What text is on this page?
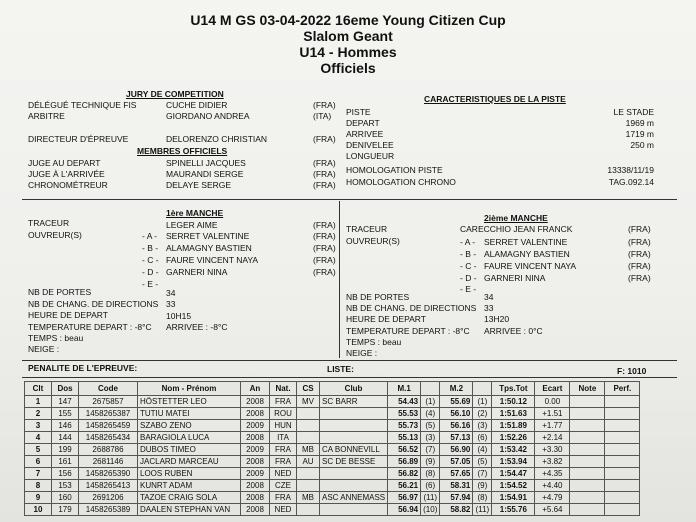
U14 M GS 03-04-2022 16eme Young Citizen Cup
Slalom Geant
U14 - Hommes
Officiels
JURY DE COMPETITION
DÉLÉGUÉ TECHNIQUE FIS	CUCHE DIDIER	(FRA)
ARBITRE	GIORDANO ANDREA	(ITA)
DIRECTEUR D'ÉPREUVE	DELORENZO CHRISTIAN	(FRA)
MEMBRES OFFICIELS
JUGE AU DEPART	SPINELLI JACQUES	(FRA)
JUGE À L'ARRIVÉE	MAURANDI SERGE	(FRA)
CHRONOMÉTREUR	DELAYE SERGE	(FRA)
CARACTERISTIQUES DE LA PISTE
PISTE	LE STADE
DEPART	1969 m
ARRIVEE	1719 m
DENIVELEE	250 m
LONGUEUR
HOMOLOGATION PISTE	13338/11/19
HOMOLOGATION CHRONO	TAG.092.14
1ère MANCHE
TRACEUR	LEGER AIME	(FRA)
OUVREUR(S)	- A - SERRET VALENTINE	(FRA)
- B - ALAMAGNY BASTIEN	(FRA)
- C - FAURE VINCENT NAYA	(FRA)
- D - GARNERI NINA	(FRA)
- E -
NB DE PORTES	34
NB DE CHANG. DE DIRECTIONS 33
HEURE DE DEPART	10H15
TEMPERATURE DEPART : -8°C ARRIVEE : -8°C
TEMPS : beau
NEIGE :
2ième MANCHE
TRACEUR	CARECCHIO JEAN FRANCK	(FRA)
OUVREUR(S)	- A - SERRET VALENTINE	(FRA)
- B - ALAMAGNY BASTIEN	(FRA)
- C - FAURE VINCENT NAYA	(FRA)
- D - GARNERI NINA	(FRA)
- E -
NB DE PORTES	34
NB DE CHANG. DE DIRECTIONS 33
HEURE DE DEPART	13H20
TEMPERATURE DEPART : -8°C ARRIVEE : 0°C
TEMPS : beau
NEIGE :
PENALITE DE L'EPREUVE:	LISTE:	F: 1010
Clt	Dos	Code	Nom - Prénom	An	Nat.	CS	Club	M.1		M.2		Tps.Tot	Ecart	Note	Perf.
1	147	2675857	HÖSTETTER LEO	2008	FRA	MV	SC BARR	54.43	(1)	55.69	(1)	1:50.12	0.00		
2	155	1458265387	TUTIU MATEI	2008	ROU			55.53	(4)	56.10	(2)	1:51.63	+1.51		
3	146	1458265459	SZABO ZENO	2009	HUN			55.73	(5)	56.16	(3)	1:51.89	+1.77		
4	144	1458265434	BARAGIOLA LUCA	2008	ITA			55.13	(3)	57.13	(6)	1:52.26	+2.14		
5	199	2688786	DUBOS TIMEO	2009	FRA	MB	CA BONNEVILL	56.52	(7)	56.90	(4)	1:53.42	+3.30		
6	161	2681146	JACLARD MARCEAU	2008	FRA	AU	SC DE BESSE	56.89	(9)	57.05	(5)	1:53.94	+3.82		
7	156	1458265390	LOOS RUBEN	2009	NED			56.82	(8)	57.65	(7)	1:54.47	+4.35		
8	153	1458265413	KUNRT ADAM	2008	CZE			56.21	(6)	58.31	(9)	1:54.52	+4.40		
9	160	2691206	TAZOE CRAIG SOLA	2008	FRA	MB	ASC ANNEMASS	56.97	(11)	57.94	(8)	1:54.91	+4.79		
10	179	1458265389	DAALEN STEPHAN VAN	2008	NED			56.94	(10)	58.82	(11)	1:55.76	+5.64		
